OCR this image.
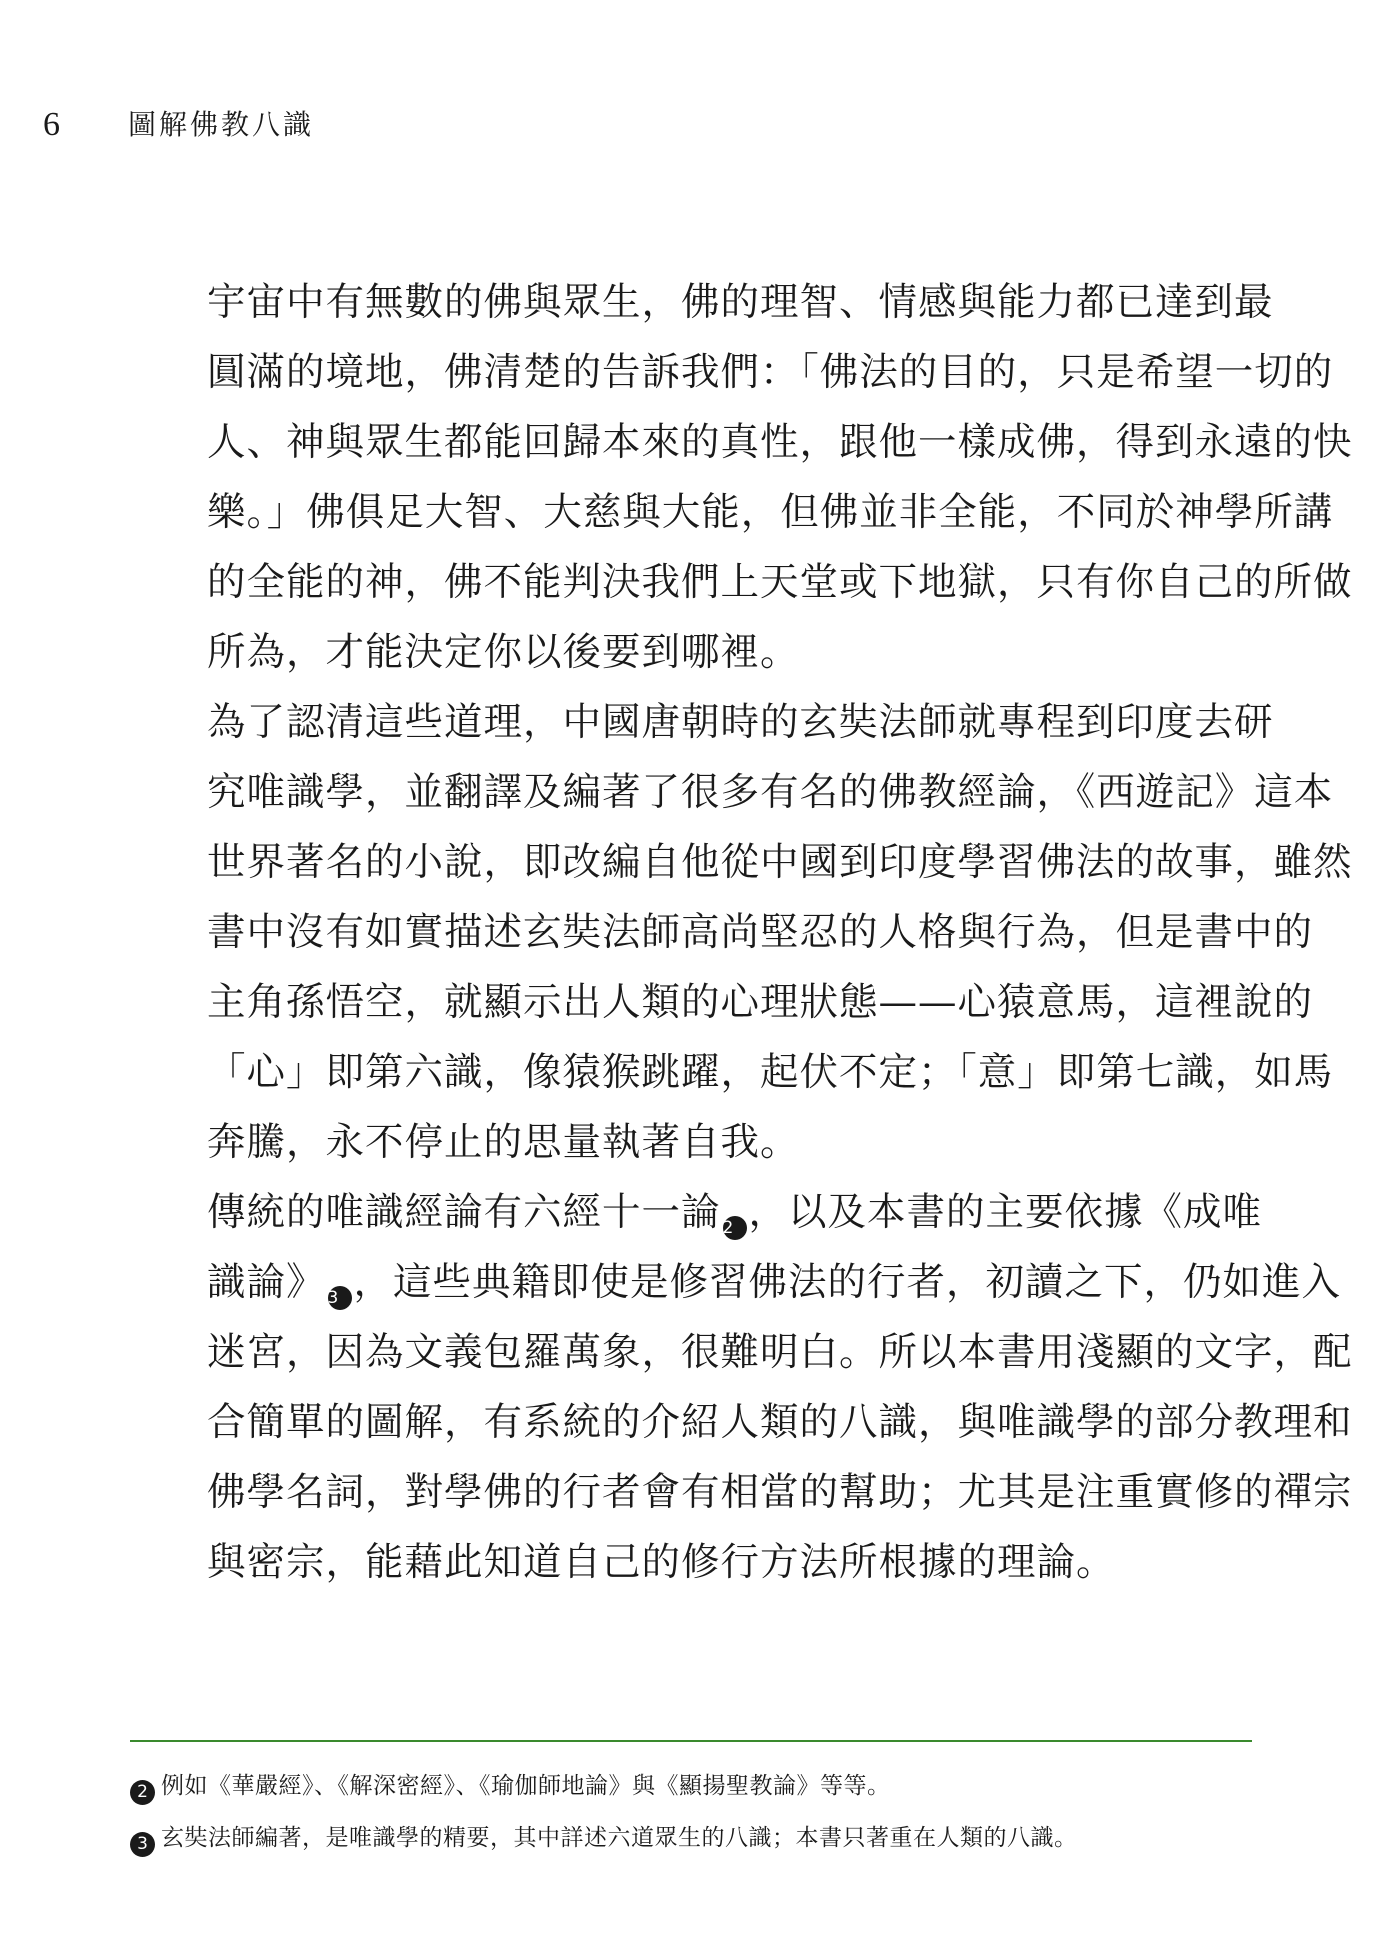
6 圖解佛教八識

宇宙中有無數的佛與眾生，佛的理智、情感與能力都已達到最
圓滿的境地，佛清楚的告訴我們：「佛法的目的，只是希望一切的
人、神與眾生都能回歸本來的真性，跟他一樣成佛，得到永遠的快
樂。」佛俱足大智、大慈與大能，但佛並非全能，不同於神學所講
的全能的神，佛不能判決我們上天堂或下地獄，只有你自己的所做
所為，才能決定你以後要到哪裡。

為了認清這些道理，中國唐朝時的玄奘法師就專程到印度去研
究唯識學，並翻譯及編著了很多有名的佛教經論，《西遊記》這本
世界著名的小說，即改編自他從中國到印度學習佛法的故事，雖然
書中沒有如實描述玄奘法師高尚堅忍的人格與行為，但是書中的
主角孫悟空，就顯示出人類的心理狀態——心猿意馬，這裡說的
「心」即第六識，像猿猴跳躍，起伏不定；「意」即第七識，如馬
奔騰，永不停止的思量執著自我。

傳統的唯識經論有六經十一論 2 ，以及本書的主要依據《成唯
識論》 3 ，這些典籍即使是修習佛法的行者，初讀之下，仍如進入
迷宮，因為文義包羅萬象，很難明白。所以本書用淺顯的文字，配
合簡單的圖解，有系統的介紹人類的八識，與唯識學的部分教理和
佛學名詞，對學佛的行者會有相當的幫助；尤其是注重實修的禪宗
與密宗，能藉此知道自己的修行方法所根據的理論。

2 例如《華嚴經》、《解深密經》、《瑜伽師地論》與《顯揚聖教論》等等。
3 玄奘法師編著，是唯識學的精要，其中詳述六道眾生的八識；本書只著重在人類的八識。
